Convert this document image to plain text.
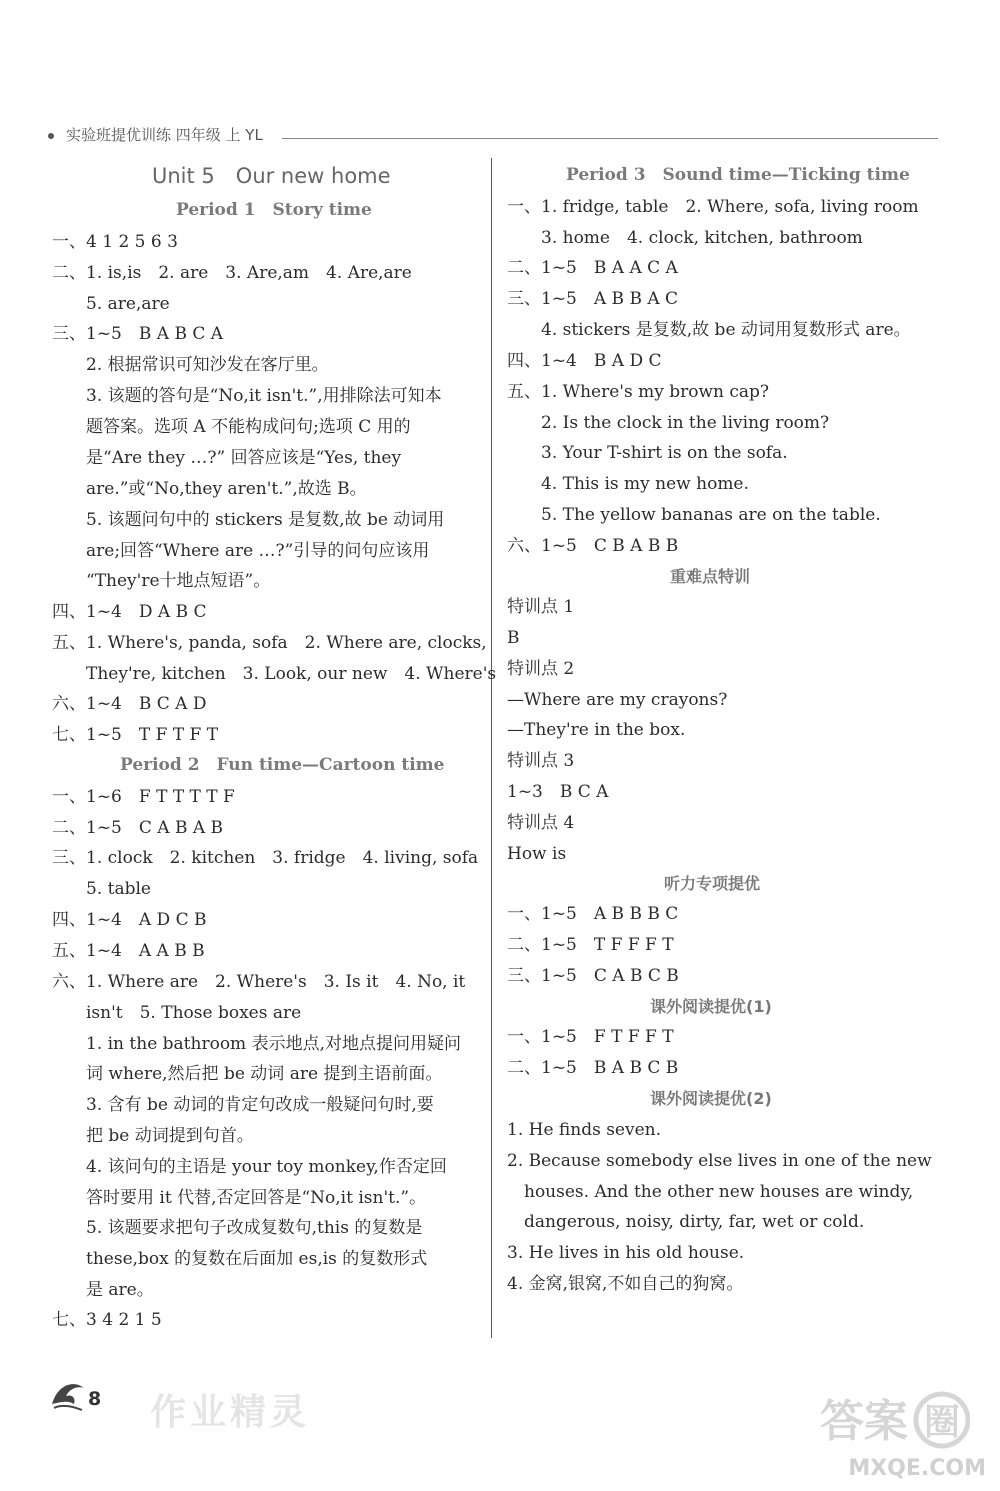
实验班提优训练 四年级 上 YL
Unit 5　Our new home
Period 1　Story time
一、4 1 2 5 6 3
二、1. is,is　2. are　3. Are,am　4. Are,are
　　5. are,are
三、1~5　B A B C A
　　2. 根据常识可知沙发在客厅里。
　　3. 该题的答句是“No,it isn't.”,用排除法可知本
　　题答案。选项 A 不能构成问句;选项 C 用的
　　是“Are they …?” 回答应该是“Yes, they
　　are.”或“No,they aren't.”,故选 B。
　　5. 该题问句中的 stickers 是复数,故 be 动词用
　　are;回答“Where are …?”引导的问句应该用
　　“They're十地点短语”。
四、1~4　D A B C
五、1. Where's, panda, sofa　2. Where are, clocks,
　　They're, kitchen　3. Look, our new　4. Where's
六、1~4　B C A D
七、1~5　T F T F T
Period 2　Fun time—Cartoon time
一、1~6　F T T T T F
二、1~5　C A B A B
三、1. clock　2. kitchen　3. fridge　4. living, sofa
　　5. table
四、1~4　A D C B
五、1~4　A A B B
六、1. Where are　2. Where's　3. Is it　4. No, it
　　isn't　5. Those boxes are
　　1. in the bathroom 表示地点,对地点提问用疑问
　　词 where,然后把 be 动词 are 提到主语前面。
　　3. 含有 be 动词的肯定句改成一般疑问句时,要
　　把 be 动词提到句首。
　　4. 该问句的主语是 your toy monkey,作否定回
　　答时要用 it 代替,否定回答是“No,it isn't.”。
　　5. 该题要求把句子改成复数句,this 的复数是
　　these,box 的复数在后面加 es,is 的复数形式
　　是 are。
七、3 4 2 1 5
Period 3　Sound time—Ticking time
一、1. fridge, table　2. Where, sofa, living room
　　3. home　4. clock, kitchen, bathroom
二、1~5　B A A C A
三、1~5　A B B A C
　　4. stickers 是复数,故 be 动词用复数形式 are。
四、1~4　B A D C
五、1. Where's my brown cap?
　　2. Is the clock in the living room?
　　3. Your T-shirt is on the sofa.
　　4. This is my new home.
　　5. The yellow bananas are on the table.
六、1~5　C B A B B
重难点特训
特训点 1
B
特训点 2
—Where are my crayons?
—They're in the box.
特训点 3
1~3　B C A
特训点 4
How is
听力专项提优
一、1~5　A B B B C
二、1~5　T F F F T
三、1~5　C A B C B
课外阅读提优(1)
一、1~5　F T F F T
二、1~5　B A B C B
课外阅读提优(2)
1. He finds seven.
2. Because somebody else lives in one of the new
　houses. And the other new houses are windy,
　dangerous, noisy, dirty, far, wet or cold.
3. He lives in his old house.
4. 金窝,银窝,不如自己的狗窝。
8 作业精灵	答案 圈
MXQE.COM
